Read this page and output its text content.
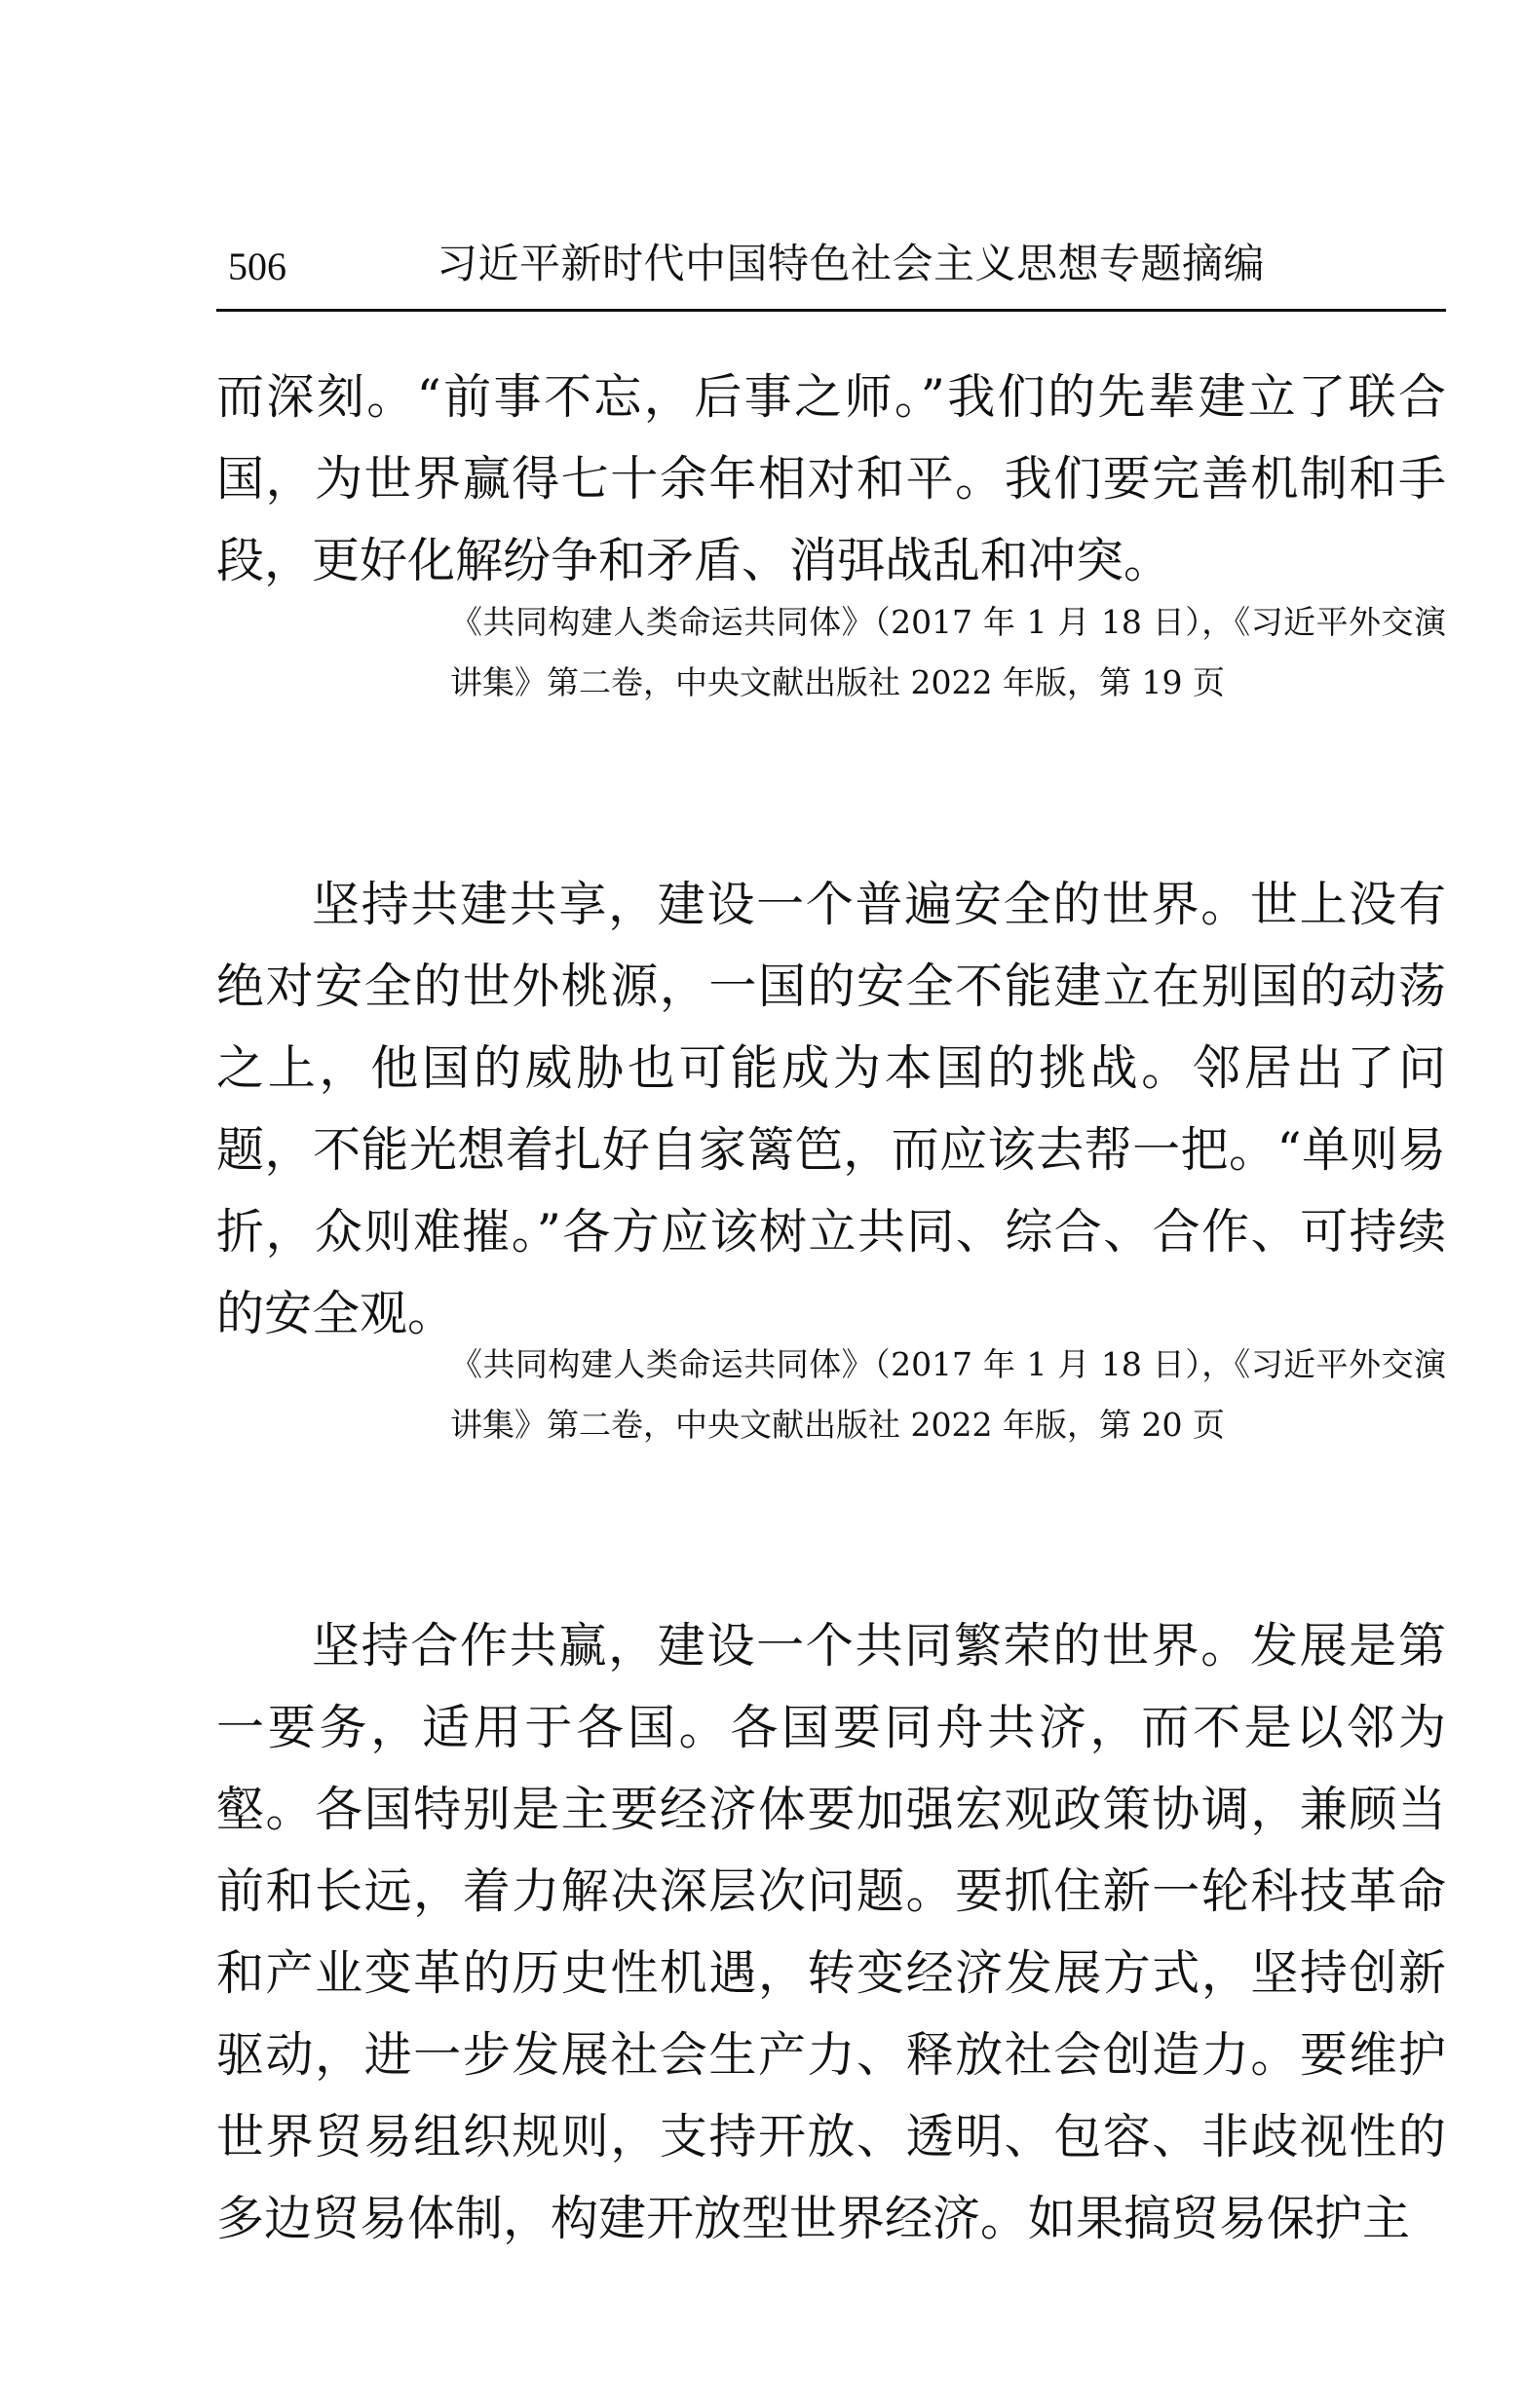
506	习近平新时代中国特色社会主义思想专题摘编

而深刻。“前事不忘，后事之师。”我们的先辈建立了联合国，为世界赢得七十余年相对和平。我们要完善机制和手段，更好化解纷争和矛盾、消弭战乱和冲突。

《共同构建人类命运共同体》（2017 年 1 月 18 日），《习近平外交演讲集》第二卷，中央文献出版社 2022 年版，第 19 页

坚持共建共享，建设一个普遍安全的世界。世上没有绝对安全的世外桃源，一国的安全不能建立在别国的动荡之上，他国的威胁也可能成为本国的挑战。邻居出了问题，不能光想着扎好自家篱笆，而应该去帮一把。“单则易折，众则难摧。”各方应该树立共同、综合、合作、可持续的安全观。

《共同构建人类命运共同体》（2017 年 1 月 18 日），《习近平外交演讲集》第二卷，中央文献出版社 2022 年版，第 20 页

坚持合作共赢，建设一个共同繁荣的世界。发展是第一要务，适用于各国。各国要同舟共济，而不是以邻为壑。各国特别是主要经济体要加强宏观政策协调，兼顾当前和长远，着力解决深层次问题。要抓住新一轮科技革命和产业变革的历史性机遇，转变经济发展方式，坚持创新驱动，进一步发展社会生产力、释放社会创造力。要维护世界贸易组织规则，支持开放、透明、包容、非歧视性的多边贸易体制，构建开放型世界经济。如果搞贸易保护主
